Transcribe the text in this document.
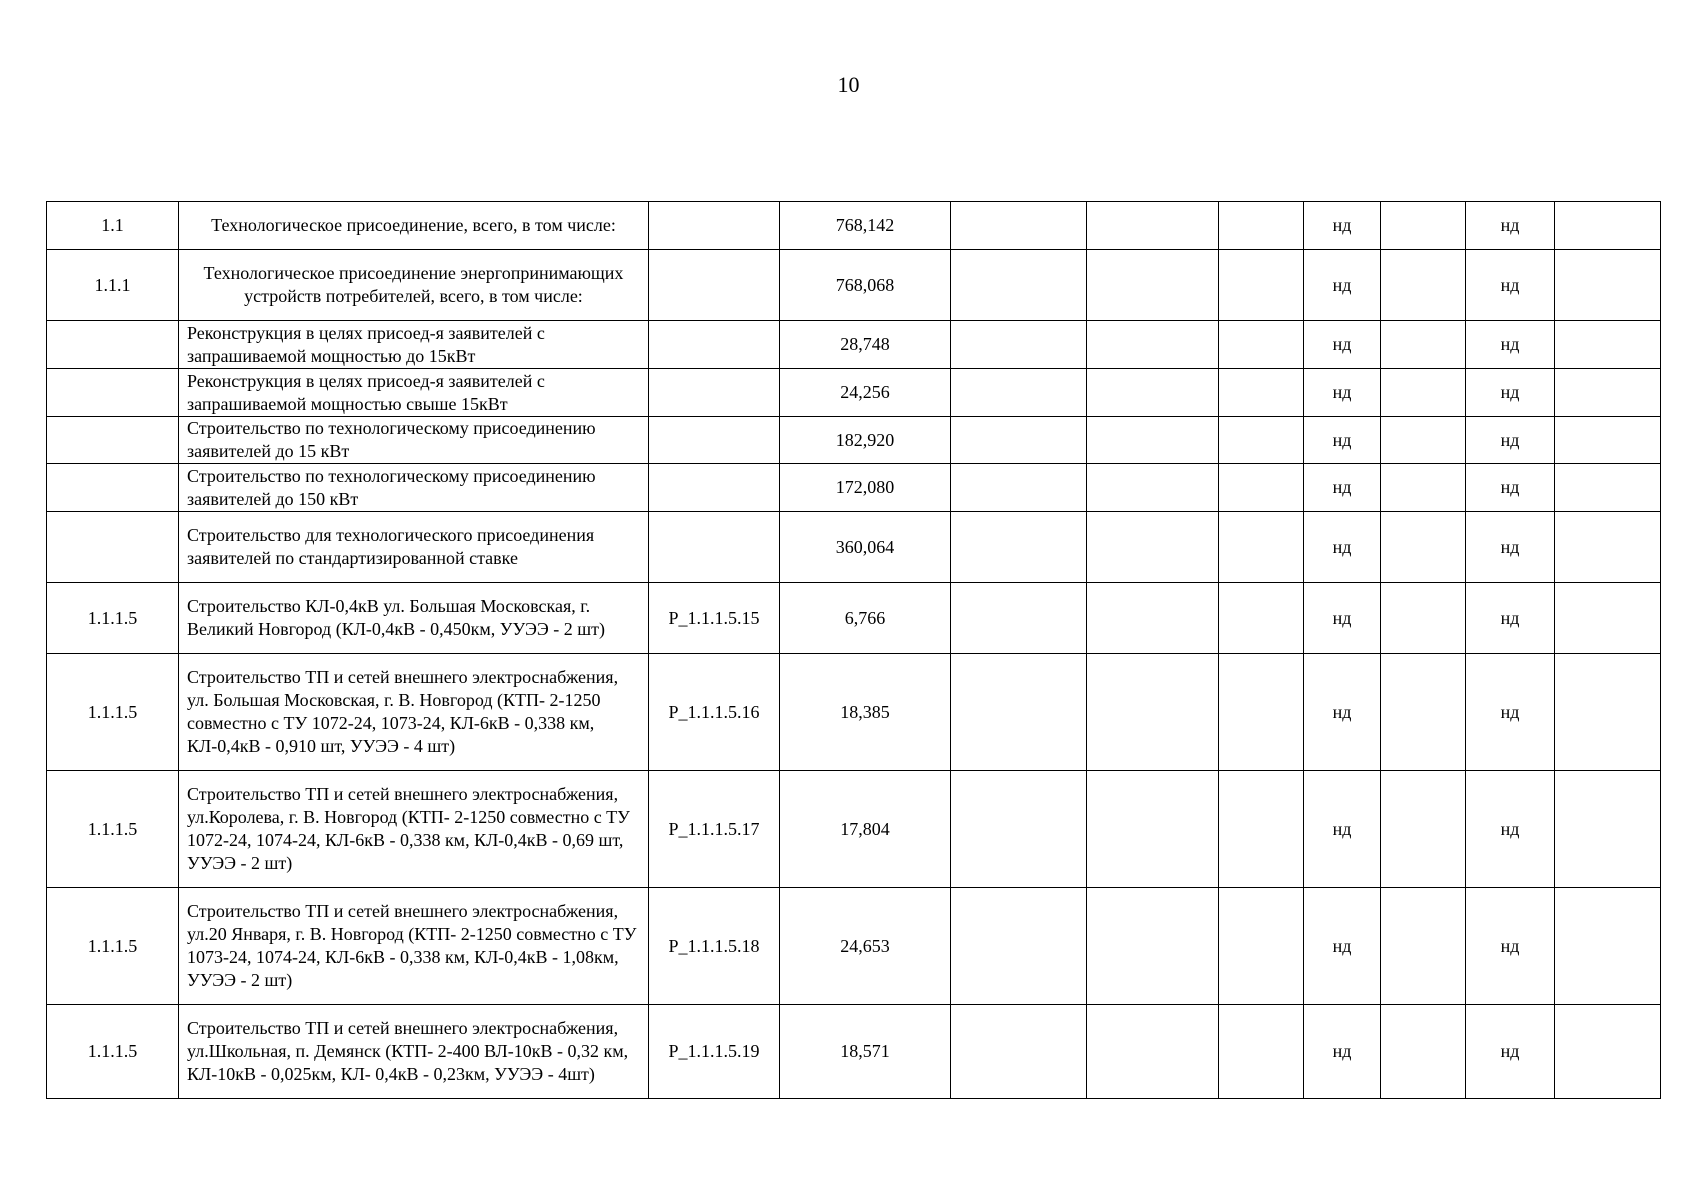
10
1.1	Технологическое присоединение, всего, в том числе:		768,142				нд		нд	
1.1.1	Технологическое присоединение энергопринимающих устройств потребителей, всего, в том числе:		768,068				нд		нд	
	Реконструкция в целях присоед-я заявителей с запрашиваемой мощностью до 15кВт		28,748				нд		нд	
	Реконструкция в целях присоед-я заявителей с запрашиваемой мощностью свыше 15кВт		24,256				нд		нд	
	Строительство по технологическому присоединению заявителей до 15 кВт		182,920				нд		нд	
	Строительство по технологическому присоединению заявителей до 150 кВт		172,080				нд		нд	
	Строительство для технологического присоединения заявителей по стандартизированной ставке		360,064				нд		нд	
1.1.1.5	Строительство КЛ-0,4кВ ул. Большая Московская, г. Великий Новгород (КЛ-0,4кВ - 0,450км, УУЭЭ - 2 шт)	P_1.1.1.5.15	6,766				нд		нд	
1.1.1.5	Строительство ТП и сетей внешнего электроснабжения, ул. Большая Московская, г. В. Новгород (КТП- 2-1250 совместно с ТУ 1072-24, 1073-24, КЛ-6кВ - 0,338 км, КЛ-0,4кВ - 0,910 шт, УУЭЭ - 4 шт)	P_1.1.1.5.16	18,385				нд		нд	
1.1.1.5	Строительство ТП и сетей внешнего электроснабжения, ул.Королева, г. В. Новгород (КТП- 2-1250 совместно с ТУ 1072-24, 1074-24, КЛ-6кВ - 0,338 км, КЛ-0,4кВ - 0,69 шт, УУЭЭ - 2 шт)	P_1.1.1.5.17	17,804				нд		нд	
1.1.1.5	Строительство ТП и сетей внешнего электроснабжения, ул.20 Января, г. В. Новгород (КТП- 2-1250 совместно с ТУ 1073-24, 1074-24, КЛ-6кВ - 0,338 км, КЛ-0,4кВ - 1,08км, УУЭЭ - 2 шт)	P_1.1.1.5.18	24,653				нд		нд	
1.1.1.5	Строительство ТП и сетей внешнего электроснабжения, ул.Школьная, п. Демянск (КТП- 2-400 ВЛ-10кВ - 0,32 км, КЛ-10кВ - 0,025км, КЛ- 0,4кВ - 0,23км, УУЭЭ - 4шт)	P_1.1.1.5.19	18,571				нд		нд	
